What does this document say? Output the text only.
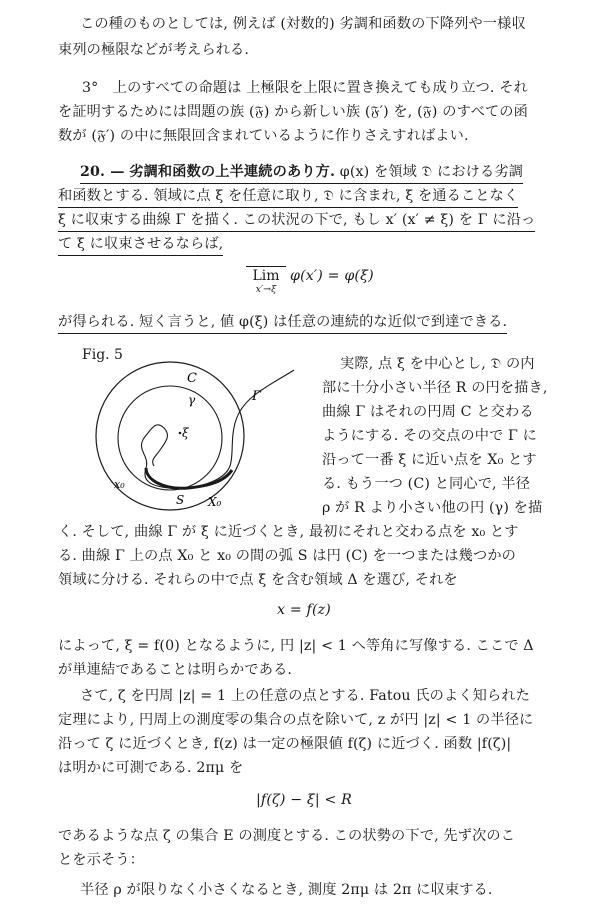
この種のものとしては, 例えば (対数的) 劣調和函数の下降列や一様収
束列の極限などが考えられる.
3°　上のすべての命題は 上極限を上限に置き換えても成り立つ. それ
を証明するためには問題の族 (𝔉) から新しい族 (𝔉′) を, (𝔉) のすべての函
数が (𝔉′) の中に無限回含まれているように作りさえすればよい.
20. — 劣調和函数の上半連続のあり方. φ(x) を領域 𝔇 における劣調
和函数とする. 領域に点 ξ を任意に取り, 𝔇 に含まれ, ξ を通ることなく
ξ に収束する曲線 Γ を描く. この状況の下で, もし x′ (x′ ≠ ξ) を Γ に沿っ
て ξ に収束させるならば,
Lim
x′→ξ
φ(x′) = φ(ξ)
が得られる. 短く言うと, 値 φ(ξ) は任意の連続的な近似で到達できる.
Fig. 5
C
γ	Γ
ξ
x₀
S X₀
実際, 点 ξ を中心とし, 𝔇 の内
部に十分小さい半径 R の円を描き,
曲線 Γ はそれの円周 C と交わる
ようにする. その交点の中で Γ に
沿って一番 ξ に近い点を X₀ とす
る. もう一つ (C) と同心で, 半径
ρ が R より小さい他の円 (γ) を描
く. そして, 曲線 Γ が ξ に近づくとき, 最初にそれと交わる点を x₀ とす
る. 曲線 Γ 上の点 X₀ と x₀ の間の弧 S は円 (C) を一つまたは幾つかの
領域に分ける. それらの中で点 ξ を含む領域 Δ を選び, それを
x = f(z)
によって, ξ = f(0) となるように, 円 |z| < 1 へ等角に写像する. ここで Δ
が単連結であることは明らかである.
さて, ζ を円周 |z| = 1 上の任意の点とする. Fatou 氏のよく知られた
定理により, 円周上の測度零の集合の点を除いて, z が円 |z| < 1 の半径に
沿って ζ に近づくとき, f(z) は一定の極限値 f(ζ) に近づく. 函数 |f(ζ)|
は明かに可測である. 2πμ を
|f(ζ) − ξ| < R
であるような点 ζ の集合 E の測度とする. この状勢の下で, 先ず次のこ
とを示そう：
半径 ρ が限りなく小さくなるとき, 測度 2πμ は 2π に収束する.
